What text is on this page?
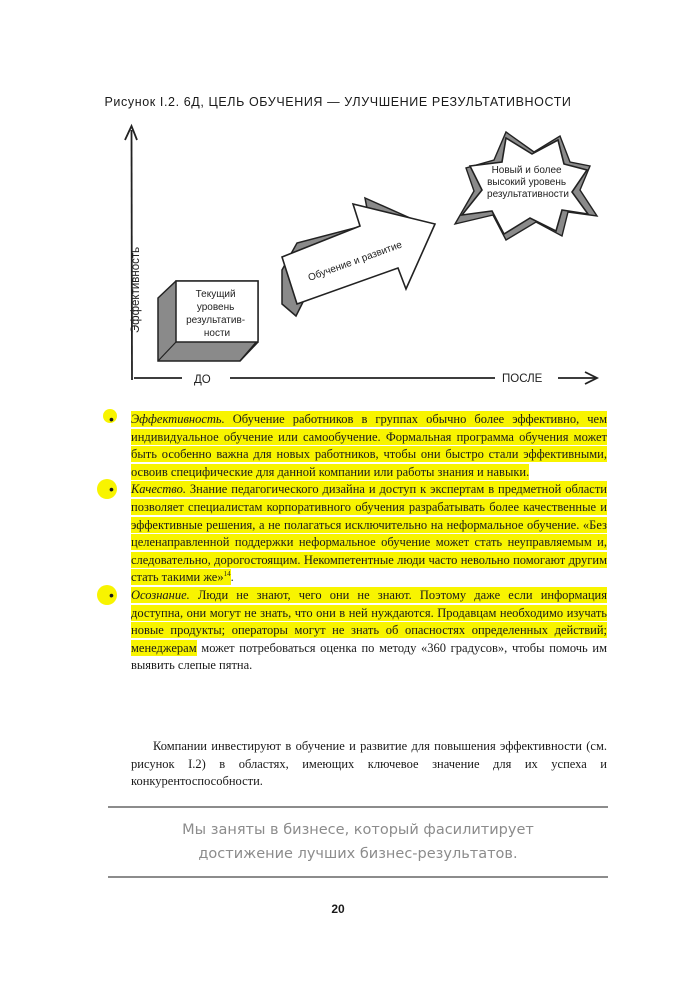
Рисунок I.2. 6Д, ЦЕЛЬ ОБУЧЕНИЯ — УЛУЧШЕНИЕ РЕЗУЛЬТАТИВНОСТИ
Эффективность
ДО	ПОСЛЕ
Текущий уровень результатив- ности
Обучение и развитие
Новый и более высокий уровень результативности

• Эффективность. Обучение работников в группах обычно более эффективно, чем индивидуальное обучение или самообучение. Формальная программа обучения может быть особенно важна для новых работников, чтобы они быстро стали эффективными, освоив специфические для данной компании или работы знания и навыки.

• Качество. Знание педагогического дизайна и доступ к экспертам в предметной области позволяет специалистам корпоративного обучения разрабатывать более качественные и эффективные решения, а не полагаться исключительно на неформальное обучение. «Без целенаправленной поддержки неформальное обучение может стать неуправляемым и, следовательно, дорогостоящим. Некомпетентные люди часто невольно помогают другим стать такими же»$^{14}$.

• Осознание. Люди не знают, чего они не знают. Поэтому даже если информация доступна, они могут не знать, что они в ней нуждаются. Продавцам необходимо изучать новые продукты; операторы могут не знать об опасностях определенных действий; менеджерам может потребоваться оценка по методу «360 градусов», чтобы помочь им выявить слепые пятна.

Компании инвестируют в обучение и развитие для повышения эффективности (см. рисунок I.2) в областях, имеющих ключевое значение для их успеха и конкурентоспособности.

Мы заняты в бизнесе, который фасилитирует
достижение лучших бизнес-результатов.
20
